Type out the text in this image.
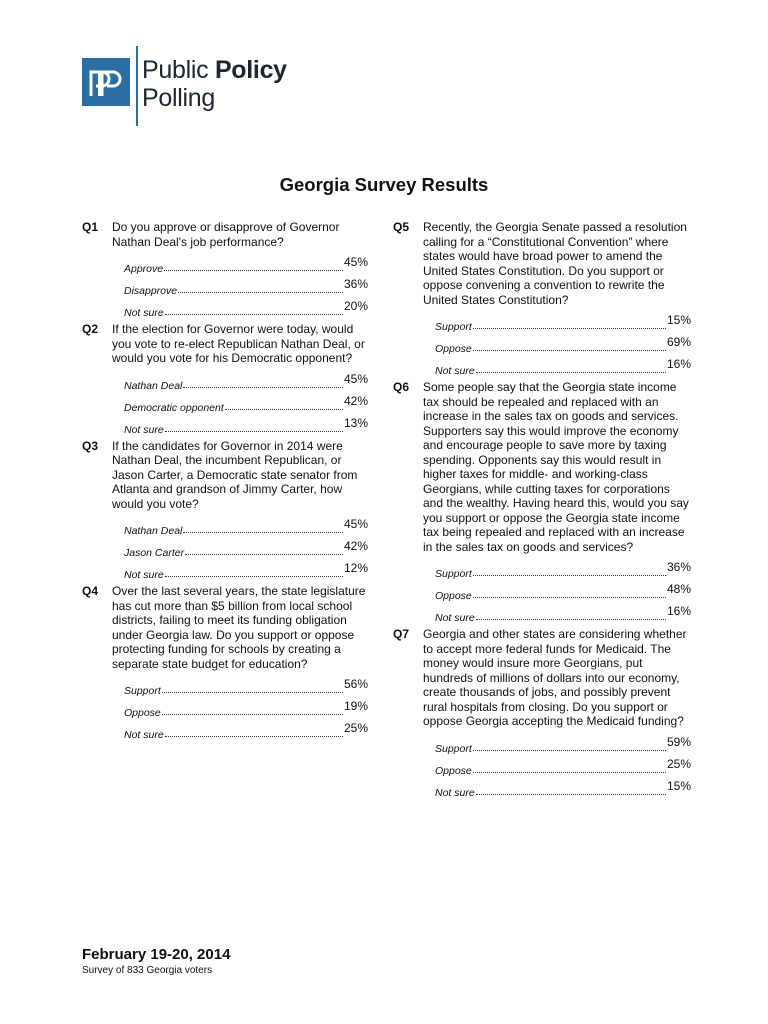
Public Policy
Polling
Georgia Survey Results
Q1 Do you approve or disapprove of Governor Nathan Deal's job performance?
Approve	45%
Disapprove	36%
Not sure	20%
Q2 If the election for Governor were today, would you vote to re-elect Republican Nathan Deal, or would you vote for his Democratic opponent?
Nathan Deal	45%
Democratic opponent	42%
Not sure	13%
Q3 If the candidates for Governor in 2014 were Nathan Deal, the incumbent Republican, or Jason Carter, a Democratic state senator from Atlanta and grandson of Jimmy Carter, how would you vote?
Nathan Deal	45%
Jason Carter	42%
Not sure	12%
Q4 Over the last several years, the state legislature has cut more than $5 billion from local school districts, failing to meet its funding obligation under Georgia law. Do you support or oppose protecting funding for schools by creating a separate state budget for education?
Support	56%
Oppose	19%
Not sure	25%
Q5 Recently, the Georgia Senate passed a resolution calling for a “Constitutional Convention” where states would have broad power to amend the United States Constitution. Do you support or oppose convening a convention to rewrite the United States Constitution?
Support	15%
Oppose	69%
Not sure	16%
Q6 Some people say that the Georgia state income tax should be repealed and replaced with an increase in the sales tax on goods and services. Supporters say this would improve the economy and encourage people to save more by taxing spending. Opponents say this would result in higher taxes for middle- and working-class Georgians, while cutting taxes for corporations and the wealthy. Having heard this, would you say you support or oppose the Georgia state income tax being repealed and replaced with an increase in the sales tax on goods and services?
Support	36%
Oppose	48%
Not sure	16%
Q7 Georgia and other states are considering whether to accept more federal funds for Medicaid. The money would insure more Georgians, put hundreds of millions of dollars into our economy, create thousands of jobs, and possibly prevent rural hospitals from closing. Do you support or oppose Georgia accepting the Medicaid funding?
Support	59%
Oppose	25%
Not sure	15%
February 19-20, 2014
Survey of 833 Georgia voters
